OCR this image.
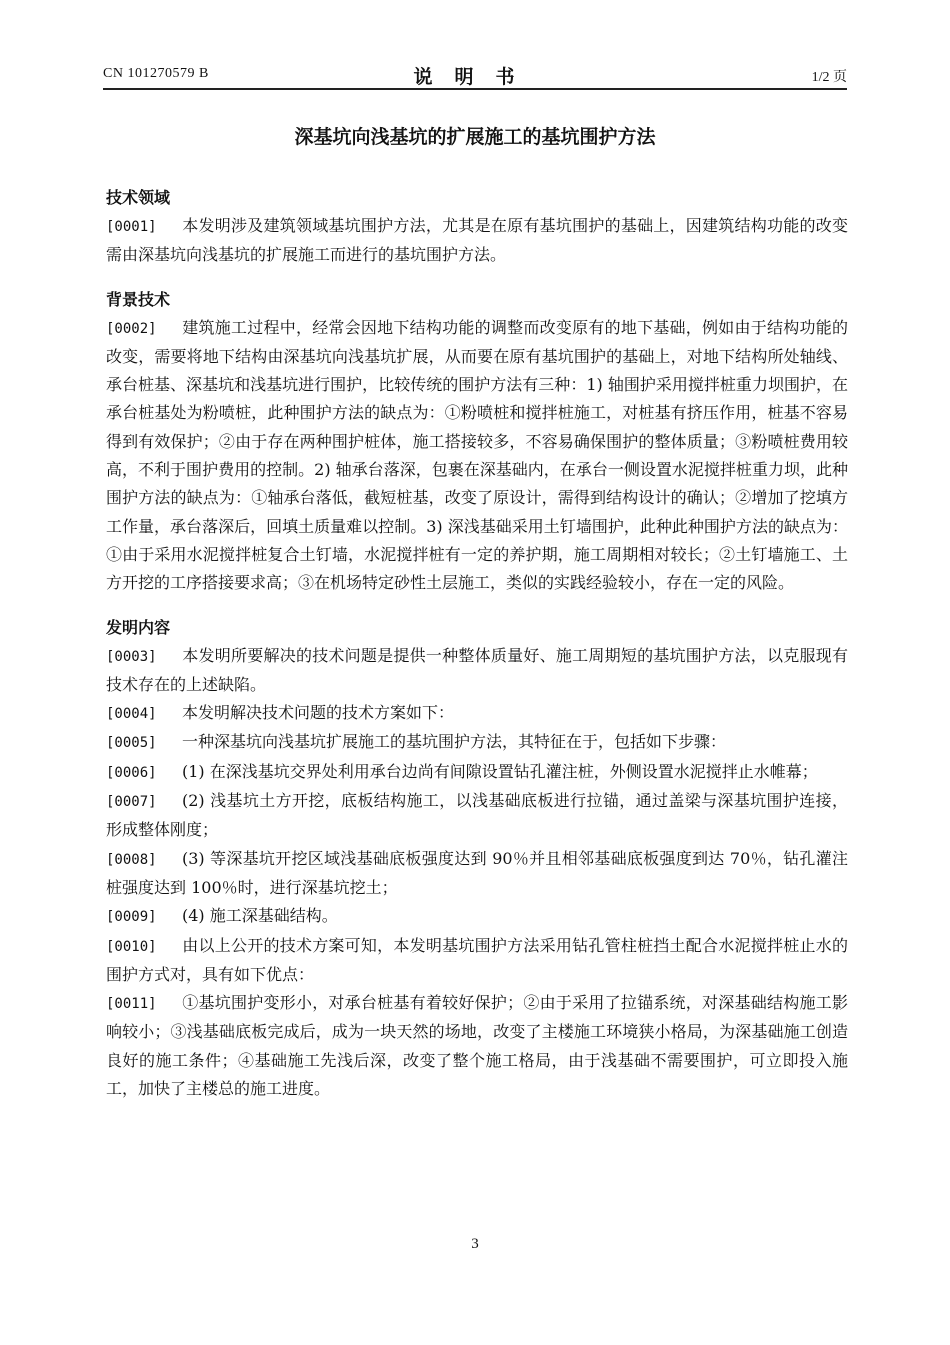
CN 101270579 B	说明书	1/2 页
深基坑向浅基坑的扩展施工的基坑围护方法
技术领域

[0001] 本发明涉及建筑领域基坑围护方法，尤其是在原有基坑围护的基础上，因建筑结构功能的改变需由深基坑向浅基坑的扩展施工而进行的基坑围护方法。

背景技术

[0002] 建筑施工过程中，经常会因地下结构功能的调整而改变原有的地下基础，例如由于结构功能的改变，需要将地下结构由深基坑向浅基坑扩展，从而要在原有基坑围护的基础上，对地下结构所处轴线、承台桩基、深基坑和浅基坑进行围护，比较传统的围护方法有三种：1) 轴围护采用搅拌桩重力坝围护，在承台桩基处为粉喷桩，此种围护方法的缺点为：①粉喷桩和搅拌桩施工，对桩基有挤压作用，桩基不容易得到有效保护；②由于存在两种围护桩体，施工搭接较多，不容易确保围护的整体质量；③粉喷桩费用较高，不利于围护费用的控制。2) 轴承台落深，包裹在深基础内，在承台一侧设置水泥搅拌桩重力坝，此种围护方法的缺点为：①轴承台落低，截短桩基，改变了原设计，需得到结构设计的确认；②增加了挖填方工作量，承台落深后，回填土质量难以控制。3) 深浅基础采用土钉墙围护，此种此种围护方法的缺点为：①由于采用水泥搅拌桩复合土钉墙，水泥搅拌桩有一定的养护期，施工周期相对较长；②土钉墙施工、土方开挖的工序搭接要求高；③在机场特定砂性土层施工，类似的实践经验较小，存在一定的风险。

发明内容

[0003] 本发明所要解决的技术问题是提供一种整体质量好、施工周期短的基坑围护方法，以克服现有技术存在的上述缺陷。

[0004] 本发明解决技术问题的技术方案如下：

[0005] 一种深基坑向浅基坑扩展施工的基坑围护方法，其特征在于，包括如下步骤：

[0006] (1) 在深浅基坑交界处利用承台边尚有间隙设置钻孔灌注桩，外侧设置水泥搅拌止水帷幕；

[0007] (2) 浅基坑土方开挖，底板结构施工，以浅基础底板进行拉锚，通过盖梁与深基坑围护连接，形成整体刚度；

[0008] (3) 等深基坑开挖区域浅基础底板强度达到 90％并且相邻基础底板强度到达 70％，钻孔灌注桩强度达到 100％时，进行深基坑挖土；

[0009] (4) 施工深基础结构。

[0010] 由以上公开的技术方案可知，本发明基坑围护方法采用钻孔管柱桩挡土配合水泥搅拌桩止水的围护方式对，具有如下优点：

[0011] ①基坑围护变形小，对承台桩基有着较好保护；②由于采用了拉锚系统，对深基础结构施工影响较小；③浅基础底板完成后，成为一块天然的场地，改变了主楼施工环境狭小格局，为深基础施工创造良好的施工条件；④基础施工先浅后深，改变了整个施工格局，由于浅基础不需要围护，可立即投入施工，加快了主楼总的施工进度。

3
